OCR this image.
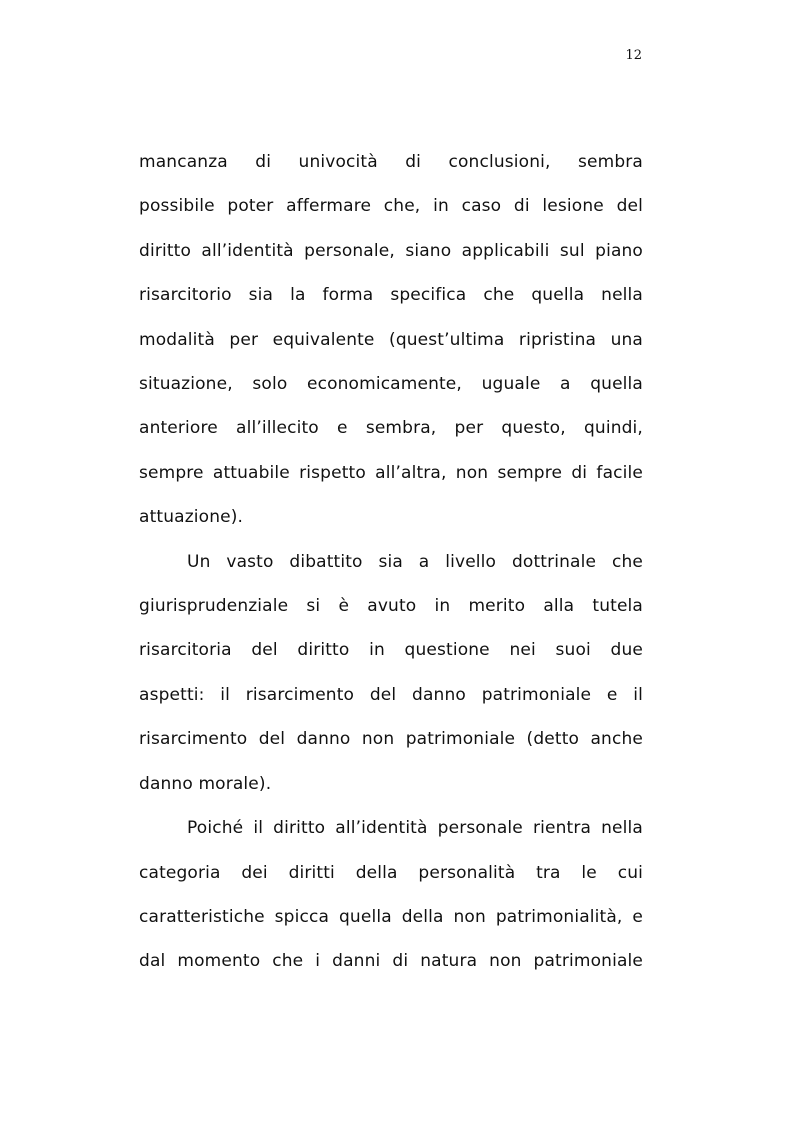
12
mancanza di univocità di conclusioni, sembra
possibile poter affermare che, in caso di lesione del
diritto all’identità personale, siano applicabili sul piano
risarcitorio sia la forma specifica che quella nella
modalità per equivalente (quest’ultima ripristina una
situazione, solo economicamente, uguale a quella
anteriore all’illecito e sembra, per questo, quindi,
sempre attuabile rispetto all’altra, non sempre di facile
attuazione).
Un vasto dibattito sia a livello dottrinale che
giurisprudenziale si è avuto in merito alla tutela
risarcitoria del diritto in questione nei suoi due
aspetti: il risarcimento del danno patrimoniale e il
risarcimento del danno non patrimoniale (detto anche
danno morale).
Poiché il diritto all’identità personale rientra nella
categoria dei diritti della personalità tra le cui
caratteristiche spicca quella della non patrimonialità, e
dal momento che i danni di natura non patrimoniale
